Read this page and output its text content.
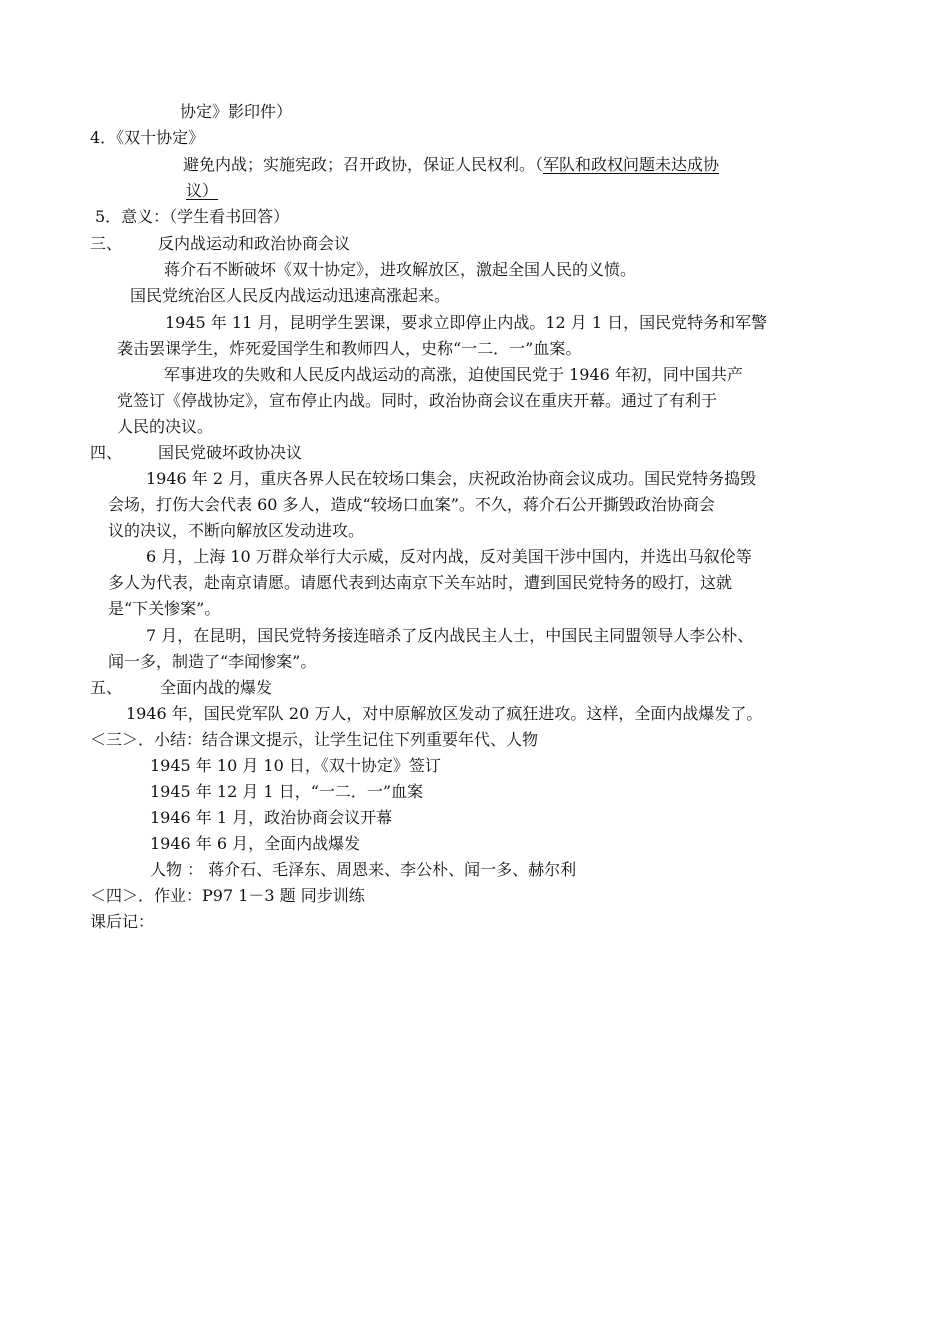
协定》影印件）
4．《双十协定》
避免内战；实施宪政；召开政协，保证人民权利。（军队和政权问题未达成协
议）
5．意义：（学生看书回答）
三、 反内战运动和政治协商会议
蒋介石不断破坏《双十协定》，进攻解放区，激起全国人民的义愤。
国民党统治区人民反内战运动迅速高涨起来。
1945 年 11 月，昆明学生罢课，要求立即停止内战。12 月 1 日，国民党特务和军警
袭击罢课学生，炸死爱国学生和教师四人，史称“一二．一”血案。
军事进攻的失败和人民反内战运动的高涨，迫使国民党于 1946 年初，同中国共产
党签订《停战协定》，宣布停止内战。同时，政治协商会议在重庆开幕。通过了有利于
人民的决议。
四、 国民党破坏政协决议
1946 年 2 月，重庆各界人民在较场口集会，庆祝政治协商会议成功。国民党特务捣毁
会场，打伤大会代表 60 多人，造成“较场口血案”。不久，蒋介石公开撕毁政治协商会
议的决议，不断向解放区发动进攻。
6 月，上海 10 万群众举行大示威，反对内战，反对美国干涉中国内，并选出马叙伦等
多人为代表，赴南京请愿。请愿代表到达南京下关车站时，遭到国民党特务的殴打，这就
是“下关惨案”。
7 月，在昆明，国民党特务接连暗杀了反内战民主人士，中国民主同盟领导人李公朴、
闻一多，制造了“李闻惨案”。
五、 全面内战的爆发
1946 年，国民党军队 20 万人，对中原解放区发动了疯狂进攻。这样，全面内战爆发了。
＜三＞．小结：结合课文提示，让学生记住下列重要年代、人物
1945 年 10 月 10 日，《双十协定》签订
1945 年 12 月 1 日，“一二．一”血案
1946 年 1 月，政治协商会议开幕
1946 年 6 月，全面内战爆发
人物 ： 蒋介石、毛泽东、周恩来、李公朴、闻一多、赫尔利
＜四＞．作业：P97 1－3 题 同步训练
课后记：
